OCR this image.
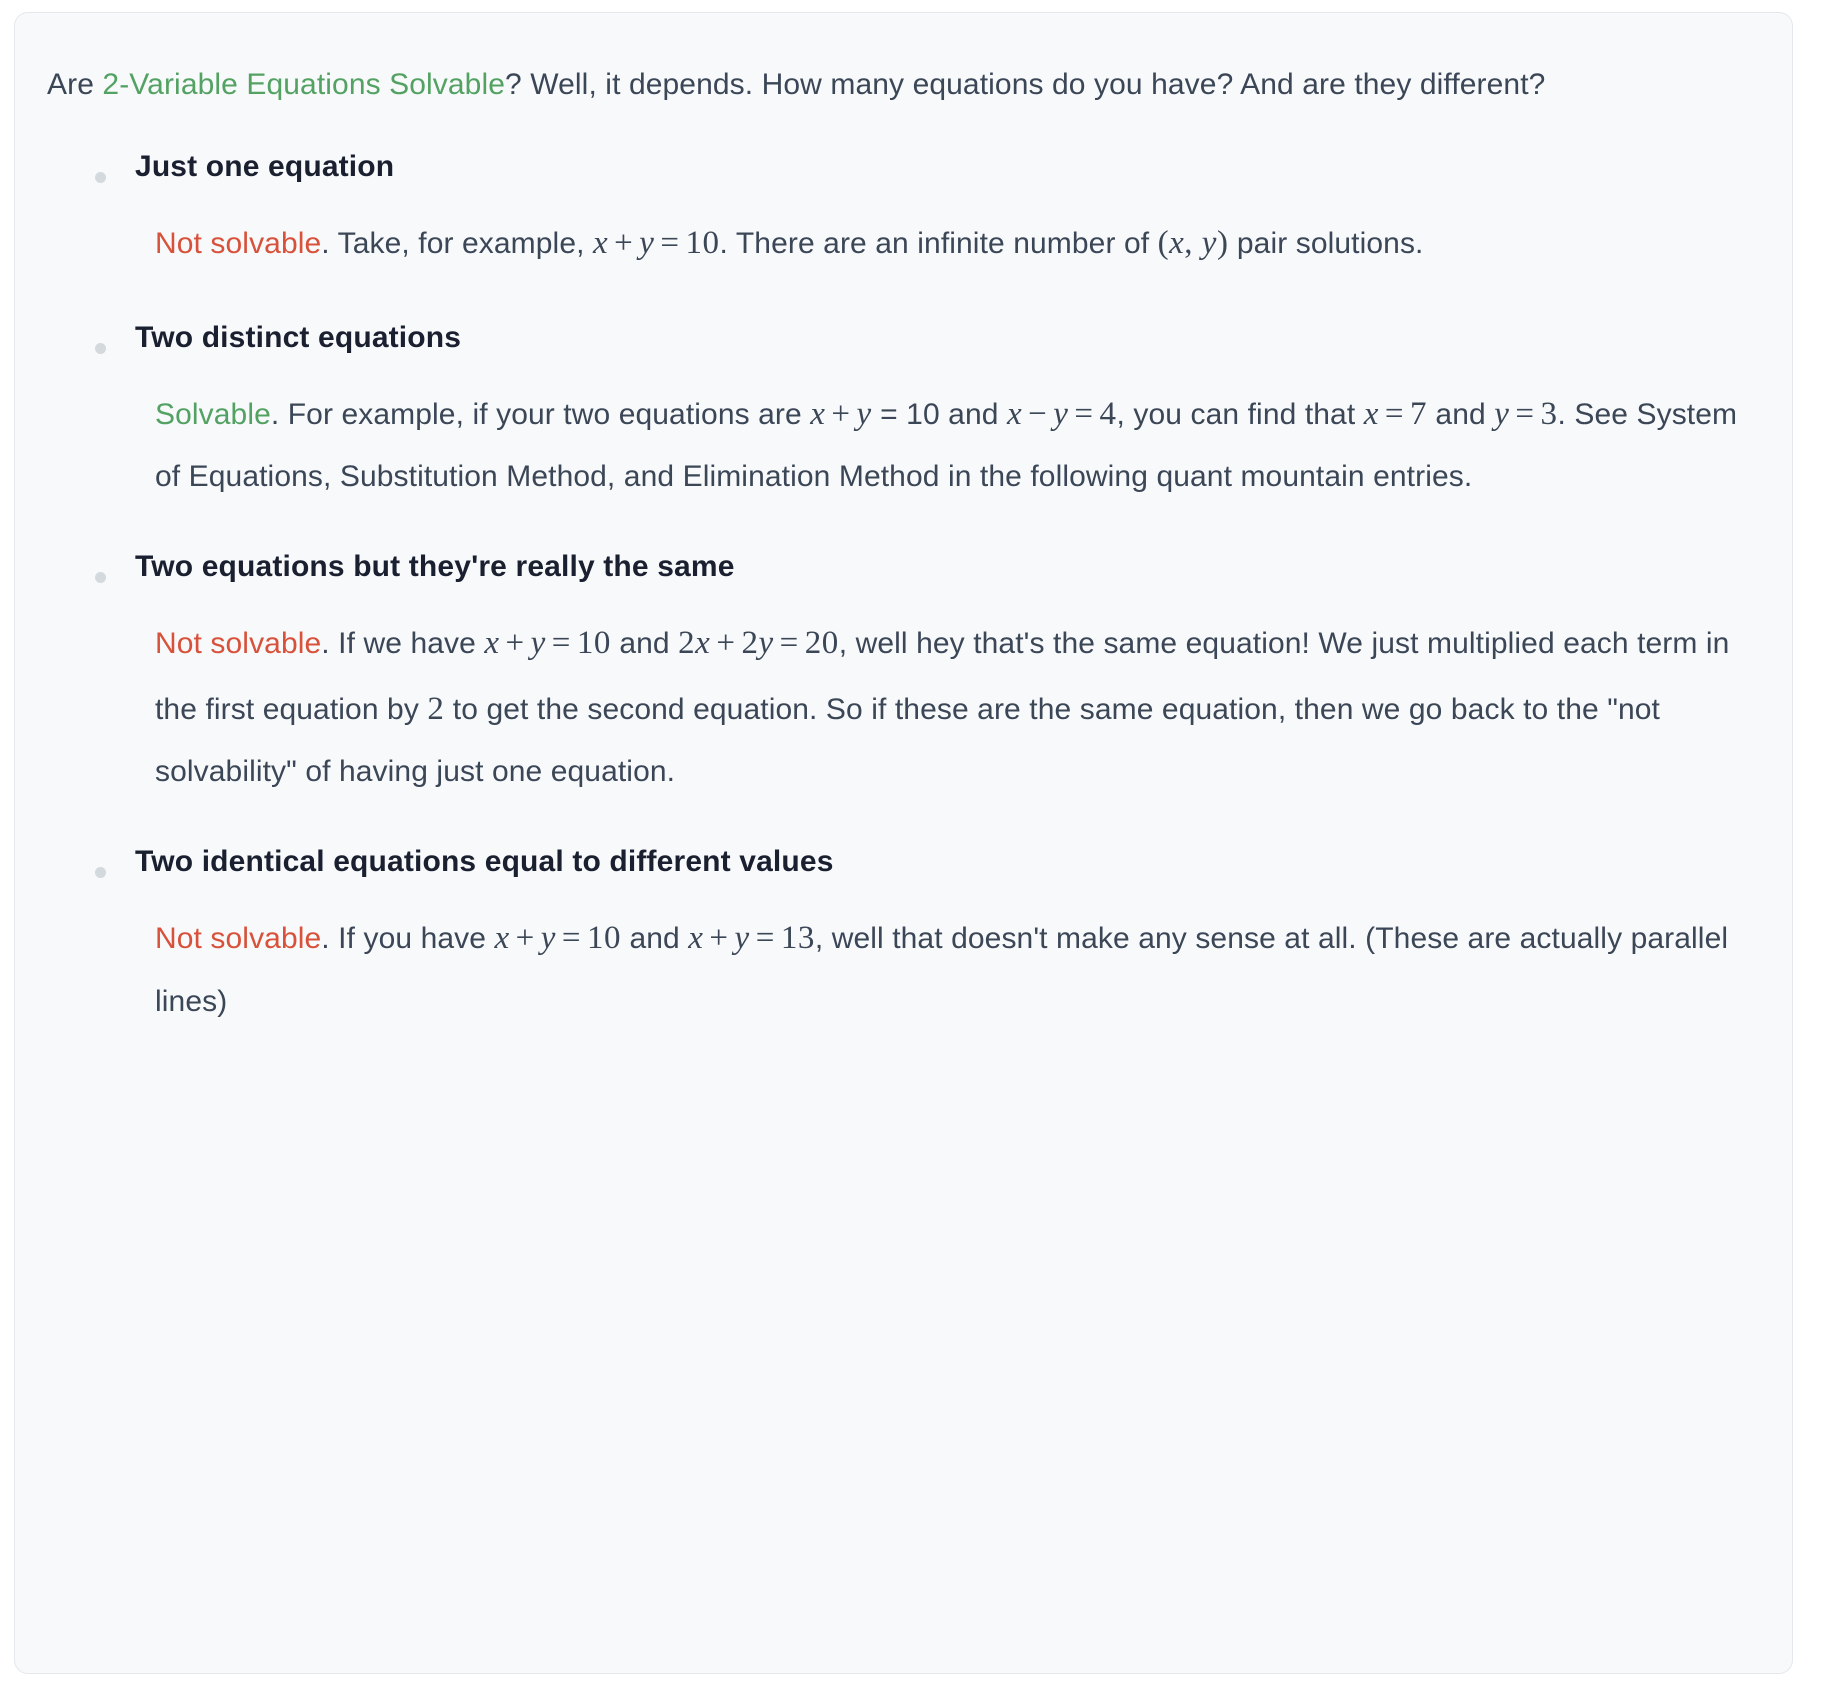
Are 2-Variable Equations Solvable? Well, it depends. How many equations do you have? And are they different?

Just one equation
Not solvable. Take, for example, x + y = 10. There are an infinite number of (x, y) pair solutions.
Two distinct equations
Solvable. For example, if your two equations are x + y = 10 and x − y = 4, you can find that x = 7 and y = 3. See System of Equations, Substitution Method, and Elimination Method in the following quant mountain entries.
Two equations but they're really the same
Not solvable. If we have x + y = 10 and 2x + 2y = 20, well hey that's the same equation! We just multiplied each term in the first equation by 2 to get the second equation. So if these are the same equation, then we go back to the "not solvability" of having just one equation.
Two identical equations equal to different values
Not solvable. If you have x + y = 10 and x + y = 13, well that doesn't make any sense at all. (These are actually parallel lines)
